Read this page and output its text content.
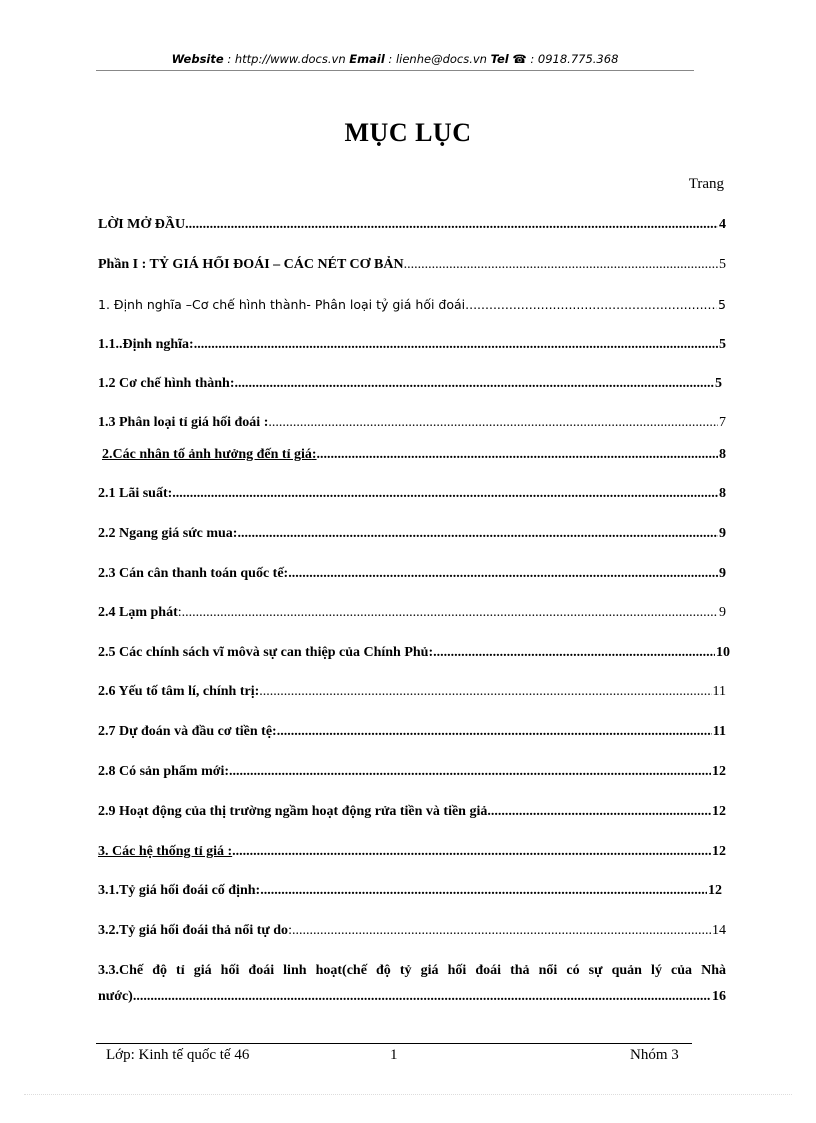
Website : http://www.docs.vn Email : lienhe@docs.vn Tel ☎ : 0918.775.368
MỤC LỤC
Trang
LỜI MỞ ĐẦU .....	4
Phần I : TỶ GIÁ HỐI ĐOÁI – CÁC NÉT CƠ BẢN .....	5
1. Định nghĩa –Cơ chế hình thành- Phân loại tỷ giá hối đoái .....	5
1.1..Định nghĩa: .....	5
1.2 Cơ chế hình thành: .....	5
1.3 Phân loại tỉ giá hối đoái : .....	7
2.Các nhân tố ảnh hưởng đến tỉ giá : .....	8
2.1 Lãi suất: .....	8
2.2 Ngang giá sức mua: .....	9
2.3 Cán cân thanh toán quốc tế: .....	9
2.4 Lạm phát : .....	9
2.5 Các chính sách vĩ môvà sự can thiệp của Chính Phủ: .....	10
2.6 Yếu tố tâm lí, chính trị: .....	11
2.7 Dự đoán và đầu cơ tiền tệ: .....	11
2.8 Có sản phẩm mới: .....	12
2.9 Hoạt động của thị trường ngầm hoạt động rửa tiền và tiền giả .....	12
3. Các hệ thống tỉ giá : .....	12
3.1.Tỷ giá hối đoái cố định: .....	12
3.2.Tỷ giá hối đoái thả nổi tự do : .....	14
3.3.Chế độ tỉ giá hối đoái linh hoạt(chế độ tỷ giá hối đoái thả nổi có sự quản lý của Nhà
nước) .....	16
Lớp: Kinh tế quốc tế 46	1	Nhóm 3
